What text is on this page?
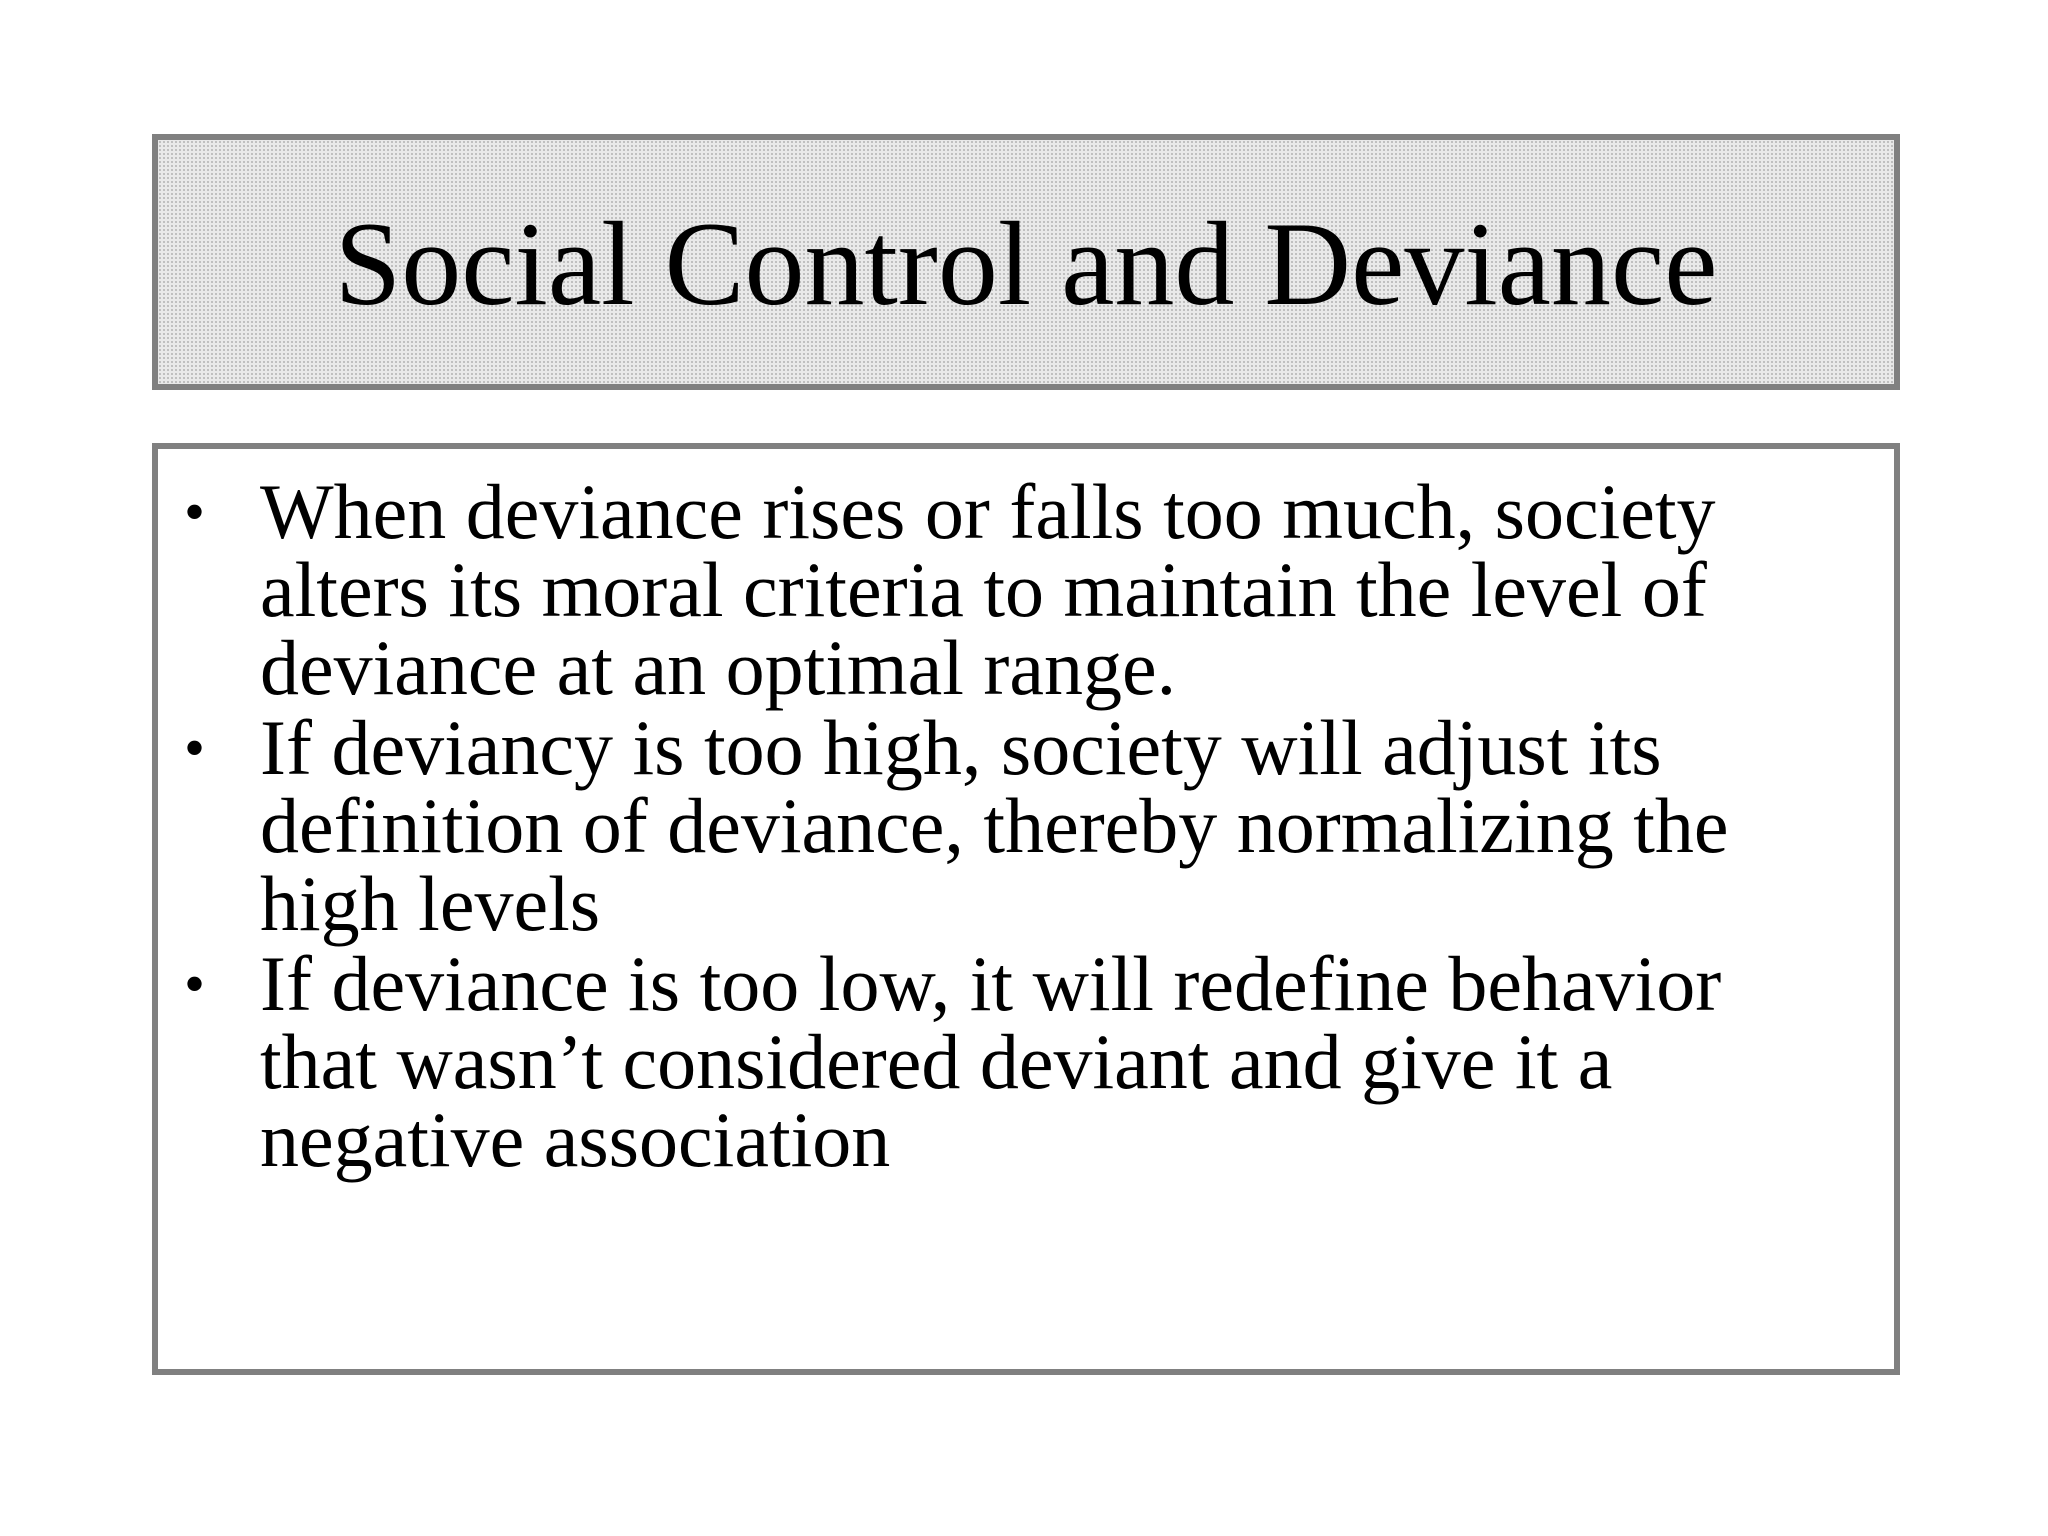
Social Control and Deviance
• When deviance rises or falls too much, society
alters its moral criteria to maintain the level of
deviance at an optimal range.
• If deviancy is too high, society will adjust its
definition of deviance, thereby normalizing the
high levels
• If deviance is too low, it will redefine behavior
that wasn’t considered deviant and give it a
negative association
